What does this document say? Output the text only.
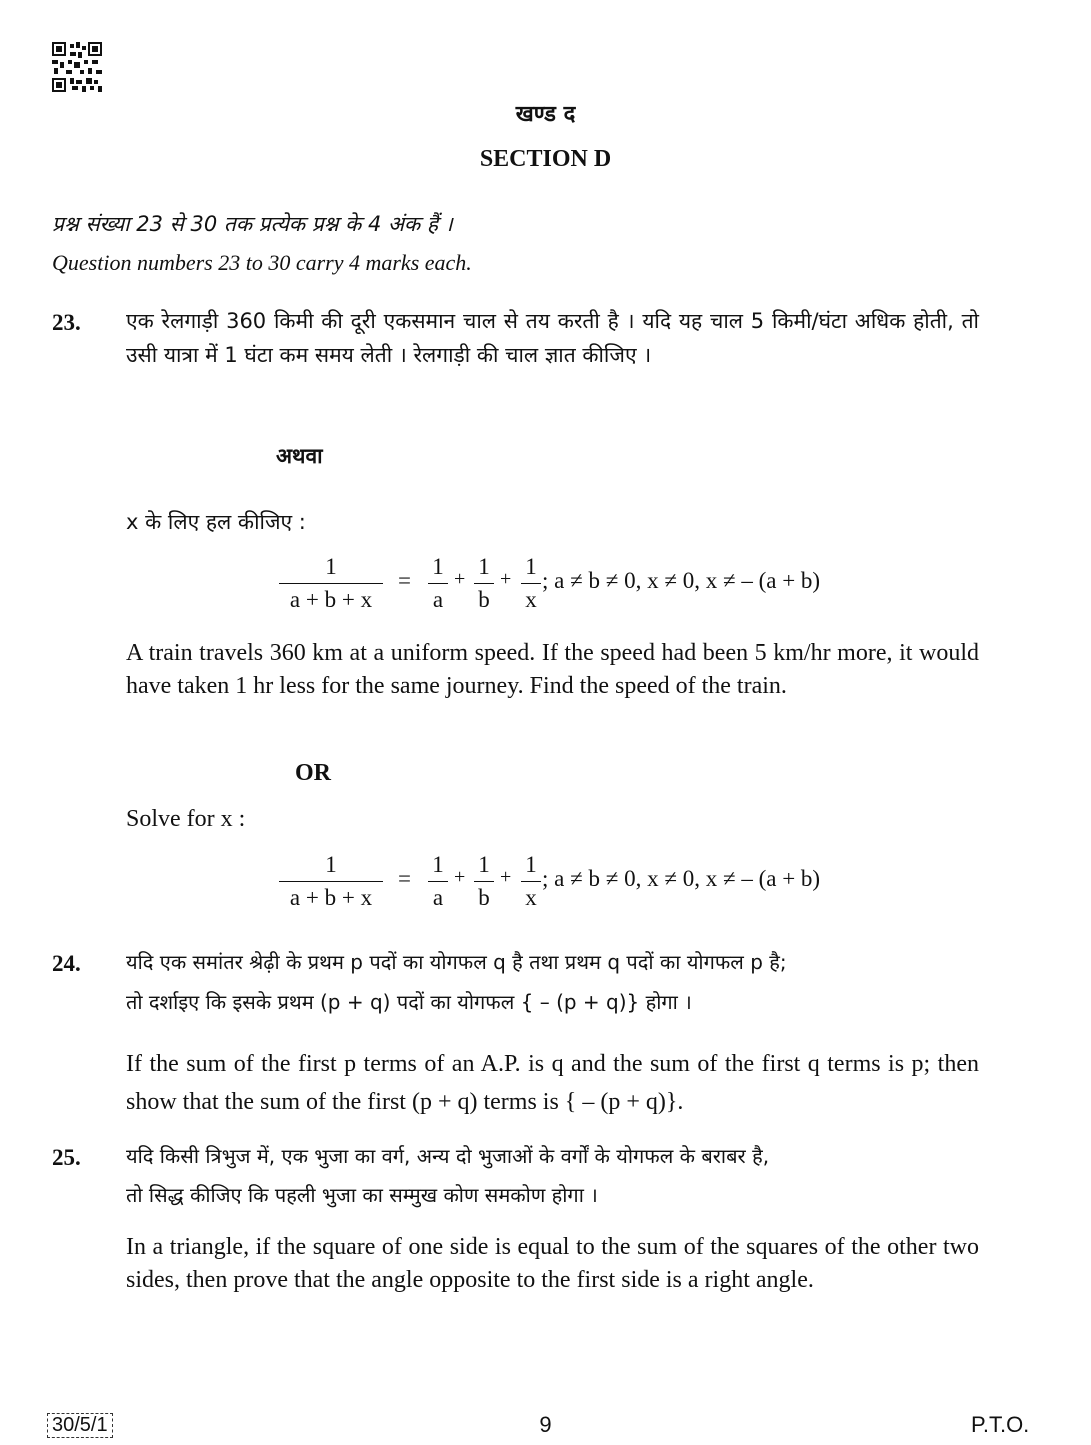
खण्ड द
SECTION D
प्रश्न संख्या 23 से 30 तक प्रत्येक प्रश्न के 4 अंक हैं ।
Question numbers 23 to 30 carry 4 marks each.
23. एक रेलगाड़ी 360 किमी की दूरी एकसमान चाल से तय करती है । यदि यह चाल 5 किमी/घंटा अधिक होती, तो उसी यात्रा में 1 घंटा कम समय लेती । रेलगाड़ी की चाल ज्ञात कीजिए ।
अथवा
x के लिए हल कीजिए :
1
a + b + x
=
1
a
+ 1
b
+ 1
x
; a ≠ b ≠ 0, x ≠ 0, x ≠ – (a + b)
A train travels 360 km at a uniform speed. If the speed had been 5 km/hr more, it would have taken 1 hr less for the same journey. Find the speed of the train.
OR
Solve for x :
1
a + b + x
=
1
a
+ 1
b
+ 1
x
; a ≠ b ≠ 0, x ≠ 0, x ≠ – (a + b)
24. यदि एक समांतर श्रेढ़ी के प्रथम p पदों का योगफल q है तथा प्रथम q पदों का योगफल p है;
तो दर्शाइए कि इसके प्रथम (p + q) पदों का योगफल { – (p + q)} होगा ।
If the sum of the first p terms of an A.P. is q and the sum of the first q terms is p; then show that the sum of the first (p + q) terms is { – (p + q)}.
25. यदि किसी त्रिभुज में, एक भुजा का वर्ग, अन्य दो भुजाओं के वर्गों के योगफल के बराबर है,
तो सिद्ध कीजिए कि पहली भुजा का सम्मुख कोण समकोण होगा ।
In a triangle, if the square of one side is equal to the sum of the squares of the other two sides, then prove that the angle opposite to the first side is a right angle.
30/5/1	9	P.T.O.
